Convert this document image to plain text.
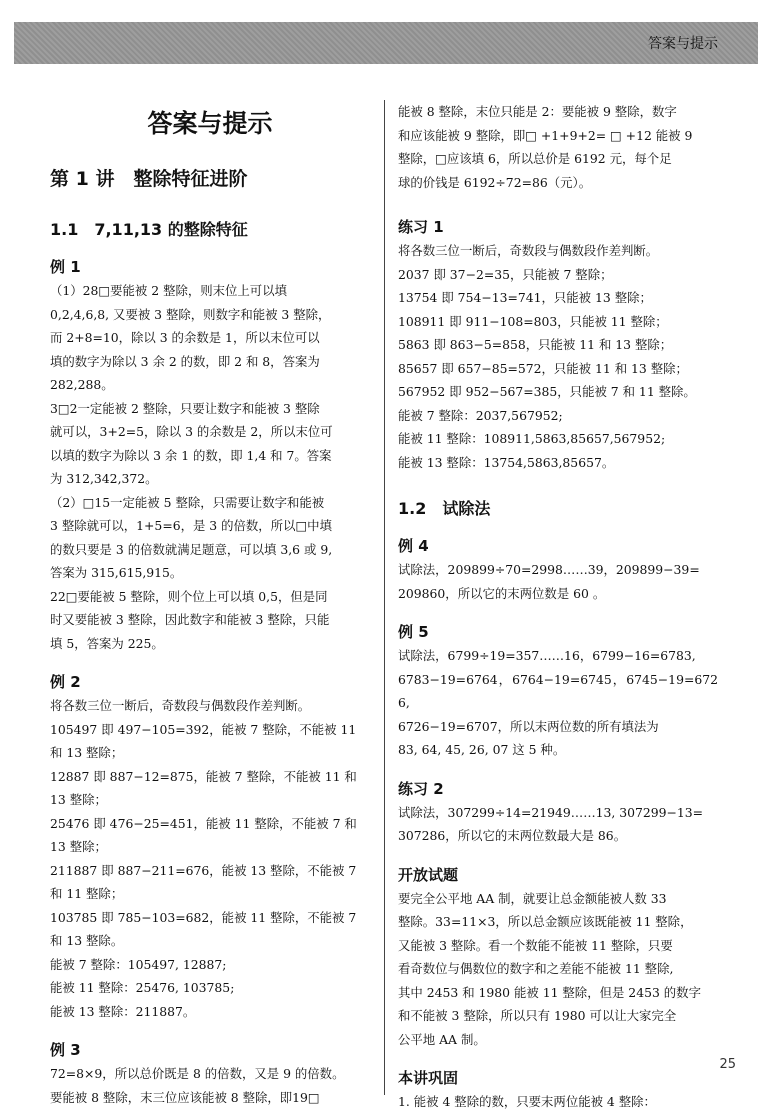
答案与提示
答案与提示
第 1 讲　整除特征进阶
1.1　7,11,13 的整除特征
例 1
（1）28□要能被 2 整除，则末位上可以填
0,2,4,6,8, 又要被 3 整除，则数字和能被 3 整除，
而 2+8=10，除以 3 的余数是 1，所以末位可以
填的数字为除以 3 余 2 的数，即 2 和 8，答案为
282,288。
3□2一定能被 2 整除，只要让数字和能被 3 整除
就可以，3+2=5，除以 3 的余数是 2，所以末位可
以填的数字为除以 3 余 1 的数，即 1,4 和 7。答案
为 312,342,372。
（2）□15一定能被 5 整除，只需要让数字和能被
3 整除就可以，1+5=6，是 3 的倍数，所以□中填
的数只要是 3 的倍数就满足题意，可以填 3,6 或 9,
答案为 315,615,915。
22□要能被 5 整除，则个位上可以填 0,5，但是同
时又要能被 3 整除，因此数字和能被 3 整除，只能
填 5，答案为 225。
例 2
将各数三位一断后，奇数段与偶数段作差判断。
105497 即 497−105=392，能被 7 整除，不能被 11
和 13 整除；
12887 即 887−12=875，能被 7 整除，不能被 11 和
13 整除；
25476 即 476−25=451，能被 11 整除，不能被 7 和
13 整除；
211887 即 887−211=676，能被 13 整除，不能被 7
和 11 整除；
103785 即 785−103=682，能被 11 整除，不能被 7
和 13 整除。
能被 7 整除：105497, 12887;
能被 11 整除：25476, 103785;
能被 13 整除：211887。
例 3
72=8×9，所以总价既是 8 的倍数，又是 9 的倍数。
要能被 8 整除，末三位应该能被 8 整除，即19□
能被 8 整除，末位只能是 2：要能被 9 整除，数字
和应该能被 9 整除，即□ +1+9+2= □ +12 能被 9
整除，□应该填 6，所以总价是 6192 元，每个足
球的价钱是 6192÷72=86（元）。
练习 1
将各数三位一断后，奇数段与偶数段作差判断。
2037 即 37−2=35，只能被 7 整除；
13754 即 754−13=741，只能被 13 整除；
108911 即 911−108=803，只能被 11 整除；
5863 即 863−5=858，只能被 11 和 13 整除；
85657 即 657−85=572，只能被 11 和 13 整除；
567952 即 952−567=385，只能被 7 和 11 整除。
能被 7 整除：2037,567952;
能被 11 整除：108911,5863,85657,567952;
能被 13 整除：13754,5863,85657。
1.2　试除法
例 4
试除法，209899÷70=2998……39，209899−39=
209860，所以它的末两位数是 60 。
例 5
试除法，6799÷19=357……16，6799−16=6783,
6783−19=6764，6764−19=6745，6745−19=6726,
6726−19=6707，所以末两位数的所有填法为
83, 64, 45, 26, 07 这 5 种。
练习 2
试除法，307299÷14=21949……13, 307299−13=
307286，所以它的末两位数最大是 86。
开放试题
要完全公平地 AA 制，就要让总金额能被人数 33
整除。33=11×3，所以总金额应该既能被 11 整除，
又能被 3 整除。看一个数能不能被 11 整除，只要
看奇数位与偶数位的数字和之差能不能被 11 整除,
其中 2453 和 1980 能被 11 整除，但是 2453 的数字
和不能被 3 整除，所以只有 1980 可以让大家完全
公平地 AA 制。
本讲巩固
1. 能被 4 整除的数，只要末两位能被 4 整除：
25
